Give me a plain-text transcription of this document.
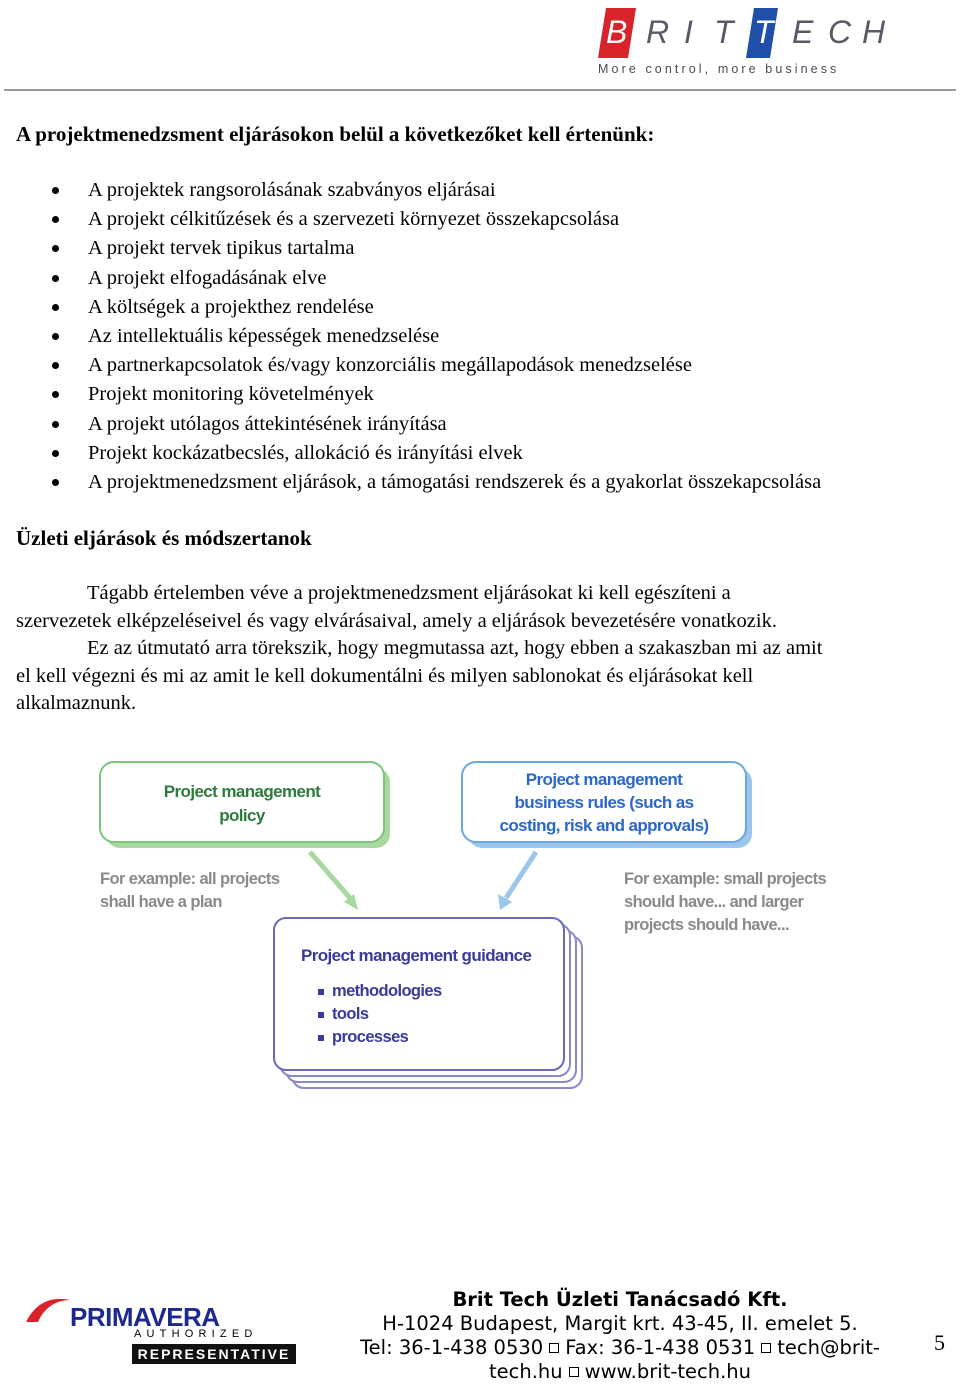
B R I T T E C H
More control, more business
A projektmenedzsment eljárásokon belül a következőket kell értenünk:
A projektek rangsorolásának szabványos eljárásai
A projekt célkitűzések és a szervezeti környezet összekapcsolása
A projekt tervek tipikus tartalma
A projekt elfogadásának elve
A költségek a projekthez rendelése
Az intellektuális képességek menedzselése
A partnerkapcsolatok és/vagy konzorciális megállapodások menedzselése
Projekt monitoring követelmények
A projekt utólagos áttekintésének irányítása
Projekt kockázatbecslés, allokáció és irányítási elvek
A projektmenedzsment eljárások, a támogatási rendszerek és a gyakorlat összekapcsolása
Üzleti eljárások és módszertanok
Tágabb értelemben véve a projektmenedzsment eljárásokat ki kell egészíteni a
szervezetek elképzeléseivel és vagy elvárásaival, amely a eljárások bevezetésére vonatkozik.
Ez az útmutató arra törekszik, hogy megmutassa azt, hogy ebben a szakaszban mi az amit
el kell végezni és mi az amit le kell dokumentálni és milyen sablonokat és eljárásokat kell
alkalmaznunk.
Project management
policy
Project management
business rules (such as
costing, risk and approvals)
For example: all projects
shall have a plan
For example: small projects
should have... and larger
projects should have...
Project management guidance
methodologies
tools
processes
PRIMAVERA
AUTHORIZED
REPRESENTATIVE
Brit Tech Üzleti Tanácsadó Kft.
H-1024 Budapest, Margit krt. 43-45, II. emelet 5.
Tel: 36-1-438 0530 Fax: 36-1-438 0531 tech@brit-
tech.hu www.brit-tech.hu
5
